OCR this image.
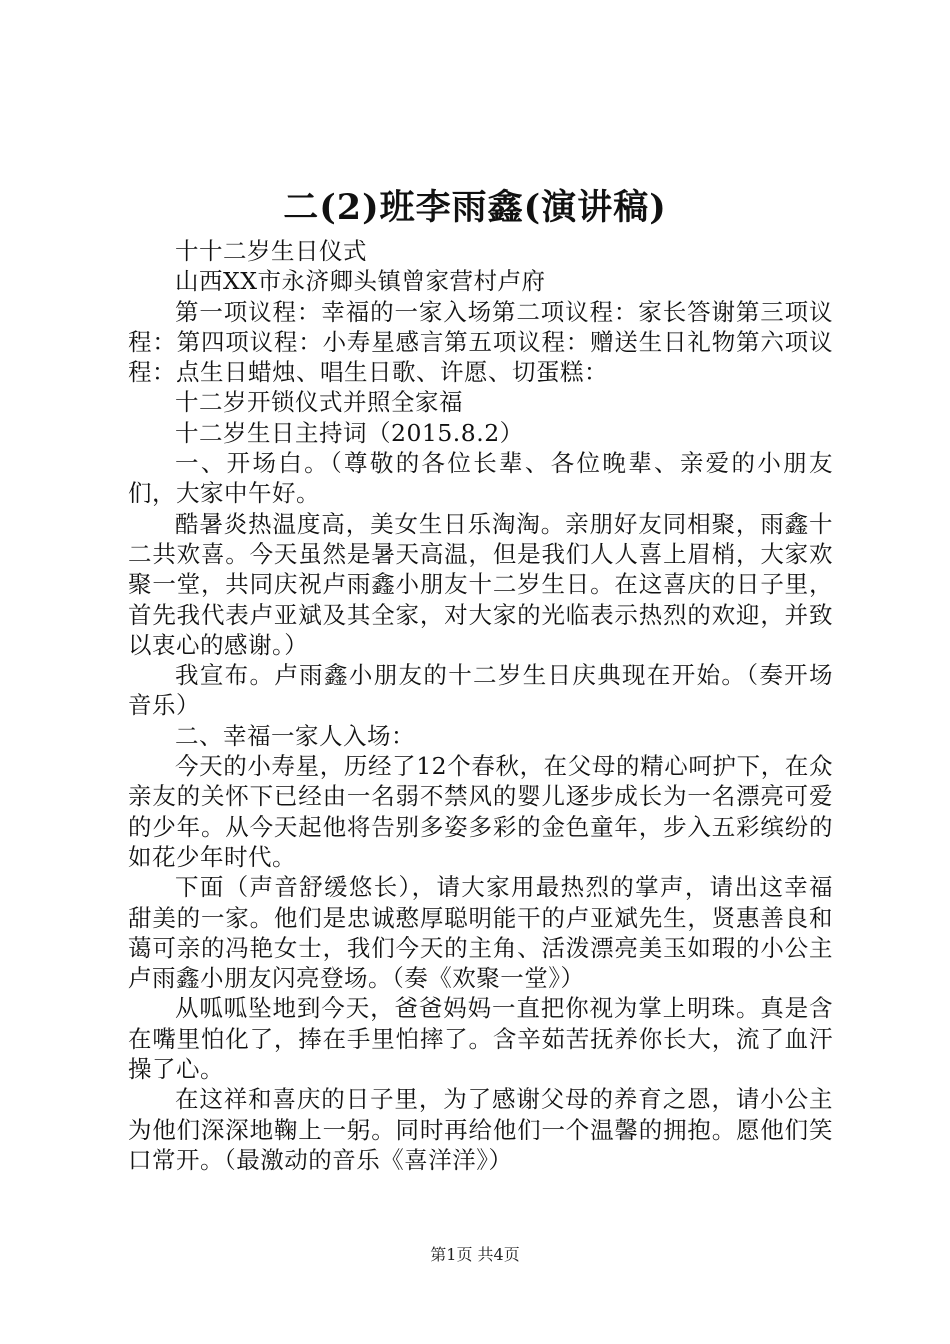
二(2)班李雨鑫(演讲稿)

十十二岁生日仪式

山西XX市永济卿头镇曾家营村卢府

第一项议程：幸福的一家入场第二项议程：家长答谢第三项议程：第四项议程：小寿星感言第五项议程：赠送生日礼物第六项议程：点生日蜡烛、唱生日歌、许愿、切蛋糕：

十二岁开锁仪式并照全家福

十二岁生日主持词（2015.8.2）

一、开场白。（尊敬的各位长辈、各位晚辈、亲爱的小朋友们，大家中午好。

酷暑炎热温度高，美女生日乐淘淘。亲朋好友同相聚，雨鑫十二共欢喜。今天虽然是暑天高温，但是我们人人喜上眉梢，大家欢聚一堂，共同庆祝卢雨鑫小朋友十二岁生日。在这喜庆的日子里，首先我代表卢亚斌及其全家，对大家的光临表示热烈的欢迎，并致以衷心的感谢。）

我宣布。卢雨鑫小朋友的十二岁生日庆典现在开始。（奏开场音乐）

二、幸福一家人入场：

今天的小寿星，历经了12个春秋，在父母的精心呵护下，在众亲友的关怀下已经由一名弱不禁风的婴儿逐步成长为一名漂亮可爱的少年。从今天起他将告别多姿多彩的金色童年，步入五彩缤纷的如花少年时代。

下面（声音舒缓悠长），请大家用最热烈的掌声，请出这幸福甜美的一家。他们是忠诚憨厚聪明能干的卢亚斌先生，贤惠善良和蔼可亲的冯艳女士，我们今天的主角、活泼漂亮美玉如瑕的小公主卢雨鑫小朋友闪亮登场。（奏《欢聚一堂》）

从呱呱坠地到今天，爸爸妈妈一直把你视为掌上明珠。真是含在嘴里怕化了，捧在手里怕摔了。含辛茹苦抚养你长大，流了血汗操了心。

在这祥和喜庆的日子里，为了感谢父母的养育之恩，请小公主为他们深深地鞠上一躬。同时再给他们一个温馨的拥抱。愿他们笑口常开。（最激动的音乐《喜洋洋》）

第1页 共4页
